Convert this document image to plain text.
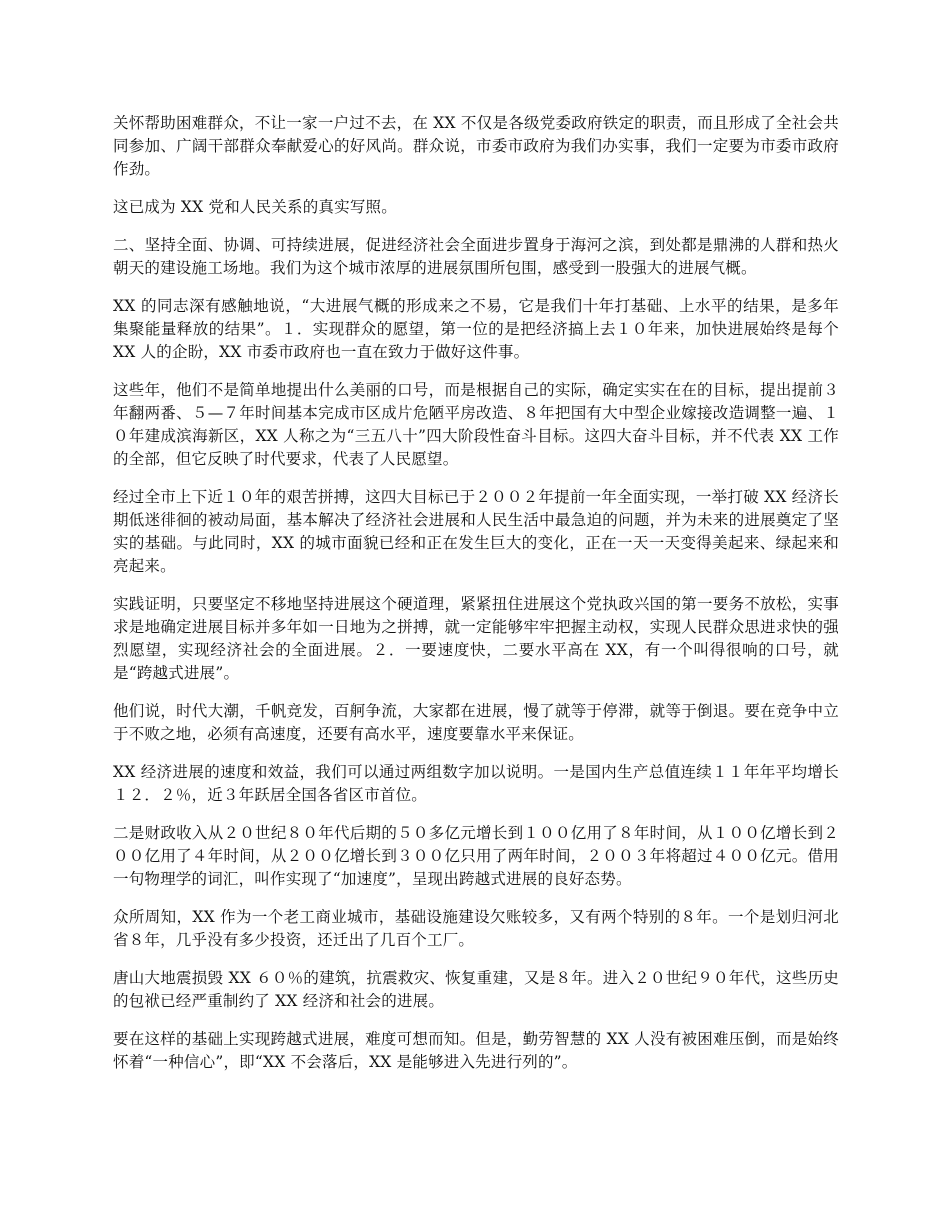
关怀帮助困难群众，不让一家一户过不去，在 XX 不仅是各级党委政府铁定的职责，而且形成了全社会共同参加、广阔干部群众奉献爱心的好风尚。群众说，市委市政府为我们办实事，我们一定要为市委市政府作劲。

这已成为 XX 党和人民关系的真实写照。

二、坚持全面、协调、可持续进展，促进经济社会全面进步置身于海河之滨，到处都是鼎沸的人群和热火朝天的建设施工场地。我们为这个城市浓厚的进展氛围所包围，感受到一股强大的进展气概。

XX 的同志深有感触地说，“大进展气概的形成来之不易，它是我们十年打基础、上水平的结果，是多年集聚能量释放的结果”。１．实现群众的愿望，第一位的是把经济搞上去１０年来，加快进展始终是每个 XX 人的企盼，XX 市委市政府也一直在致力于做好这件事。

这些年，他们不是简单地提出什么美丽的口号，而是根据自己的实际，确定实实在在的目标，提出提前３年翻两番、５—７年时间基本完成市区成片危陋平房改造、８年把国有大中型企业嫁接改造调整一遍、１０年建成滨海新区，XX 人称之为“三五八十”四大阶段性奋斗目标。这四大奋斗目标，并不代表 XX 工作的全部，但它反映了时代要求，代表了人民愿望。

经过全市上下近１０年的艰苦拼搏，这四大目标已于２００２年提前一年全面实现，一举打破 XX 经济长期低迷徘徊的被动局面，基本解决了经济社会进展和人民生活中最急迫的问题，并为未来的进展奠定了坚实的基础。与此同时，XX 的城市面貌已经和正在发生巨大的变化，正在一天一天变得美起来、绿起来和亮起来。

实践证明，只要坚定不移地坚持进展这个硬道理，紧紧扭住进展这个党执政兴国的第一要务不放松，实事求是地确定进展目标并多年如一日地为之拼搏，就一定能够牢牢把握主动权，实现人民群众思进求快的强烈愿望，实现经济社会的全面进展。２．一要速度快，二要水平高在 XX，有一个叫得很响的口号，就是“跨越式进展”。

他们说，时代大潮，千帆竞发，百舸争流，大家都在进展，慢了就等于停滞，就等于倒退。要在竞争中立于不败之地，必须有高速度，还要有高水平，速度要靠水平来保证。

XX 经济进展的速度和效益，我们可以通过两组数字加以说明。一是国内生产总值连续１１年年平均增长１２．２％，近３年跃居全国各省区市首位。

二是财政收入从２０世纪８０年代后期的５０多亿元增长到１００亿用了８年时间，从１００亿增长到２００亿用了４年时间，从２００亿增长到３００亿只用了两年时间，２００３年将超过４００亿元。借用一句物理学的词汇，叫作实现了“加速度”，呈现出跨越式进展的良好态势。

众所周知，XX 作为一个老工商业城市，基础设施建设欠账较多，又有两个特别的８年。一个是划归河北省８年，几乎没有多少投资，还迁出了几百个工厂。

唐山大地震损毁 XX ６０％的建筑，抗震救灾、恢复重建，又是８年。进入２０世纪９０年代，这些历史的包袱已经严重制约了 XX 经济和社会的进展。

要在这样的基础上实现跨越式进展，难度可想而知。但是，勤劳智慧的 XX 人没有被困难压倒，而是始终怀着“一种信心”，即“XX 不会落后，XX 是能够进入先进行列的”。
